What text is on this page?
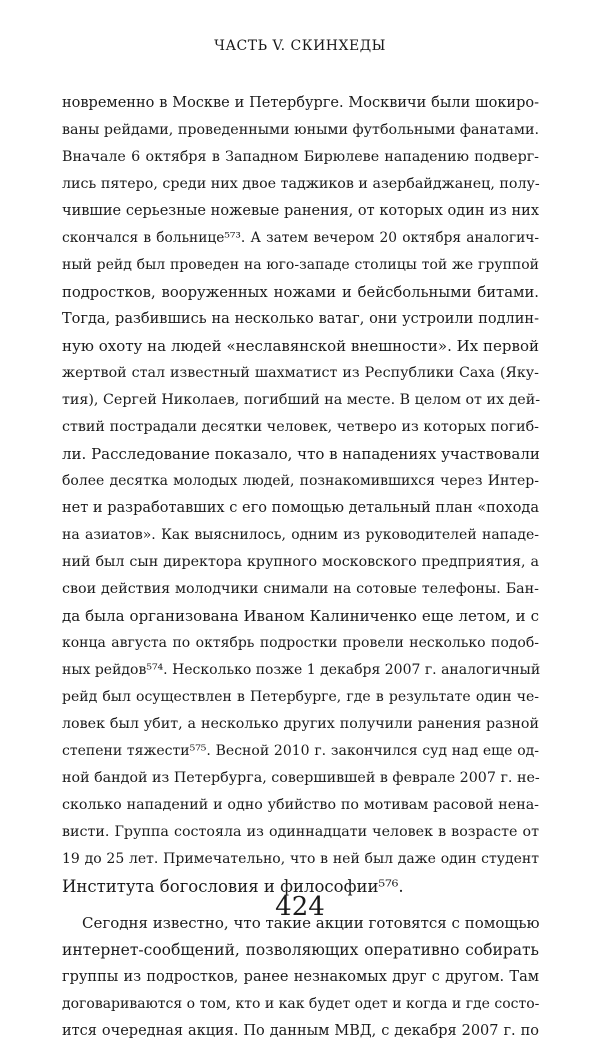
ЧАСТЬ V. СКИНХЕДЫ
новременно в Москве и Петербурге. Москвичи были шокиро-
ваны рейдами, проведенными юными футбольными фанатами.
Вначале 6 октября в Западном Бирюлеве нападению подверг-
лись пятеро, среди них двое таджиков и азербайджанец, полу-
чившие серьезные ножевые ранения, от которых один из них
скончался в больнице⁵⁷³. А затем вечером 20 октября аналогич-
ный рейд был проведен на юго-западе столицы той же группой
подростков, вооруженных ножами и бейсбольными битами.
Тогда, разбившись на несколько ватаг, они устроили подлин-
ную охоту на людей «неславянской внешности». Их первой
жертвой стал известный шахматист из Республики Саха (Яку-
тия), Сергей Николаев, погибший на месте. В целом от их дей-
ствий пострадали десятки человек, четверо из которых погиб-
ли. Расследование показало, что в нападениях участвовали
более десятка молодых людей, познакомившихся через Интер-
нет и разработавших с его помощью детальный план «похода
на азиатов». Как выяснилось, одним из руководителей нападе-
ний был сын директора крупного московского предприятия, а
свои действия молодчики снимали на сотовые телефоны. Бан-
да была организована Иваном Калиниченко еще летом, и с
конца августа по октябрь подростки провели несколько подоб-
ных рейдов⁵⁷⁴. Несколько позже 1 декабря 2007 г. аналогичный
рейд был осуществлен в Петербурге, где в результате один че-
ловек был убит, а несколько других получили ранения разной
степени тяжести⁵⁷⁵. Весной 2010 г. закончился суд над еще од-
ной бандой из Петербурга, совершившей в феврале 2007 г. не-
сколько нападений и одно убийство по мотивам расовой нена-
висти. Группа состояла из одиннадцати человек в возрасте от
19 до 25 лет. Примечательно, что в ней был даже один студент
Института богословия и философии⁵⁷⁶.
Сегодня известно, что такие акции готовятся с помощью
интернет-сообщений, позволяющих оперативно собирать
группы из подростков, ранее незнакомых друг с другом. Там
договариваются о том, кто и как будет одет и когда и где состо-
ится очередная акция. По данным МВД, с декабря 2007 г. по
424
